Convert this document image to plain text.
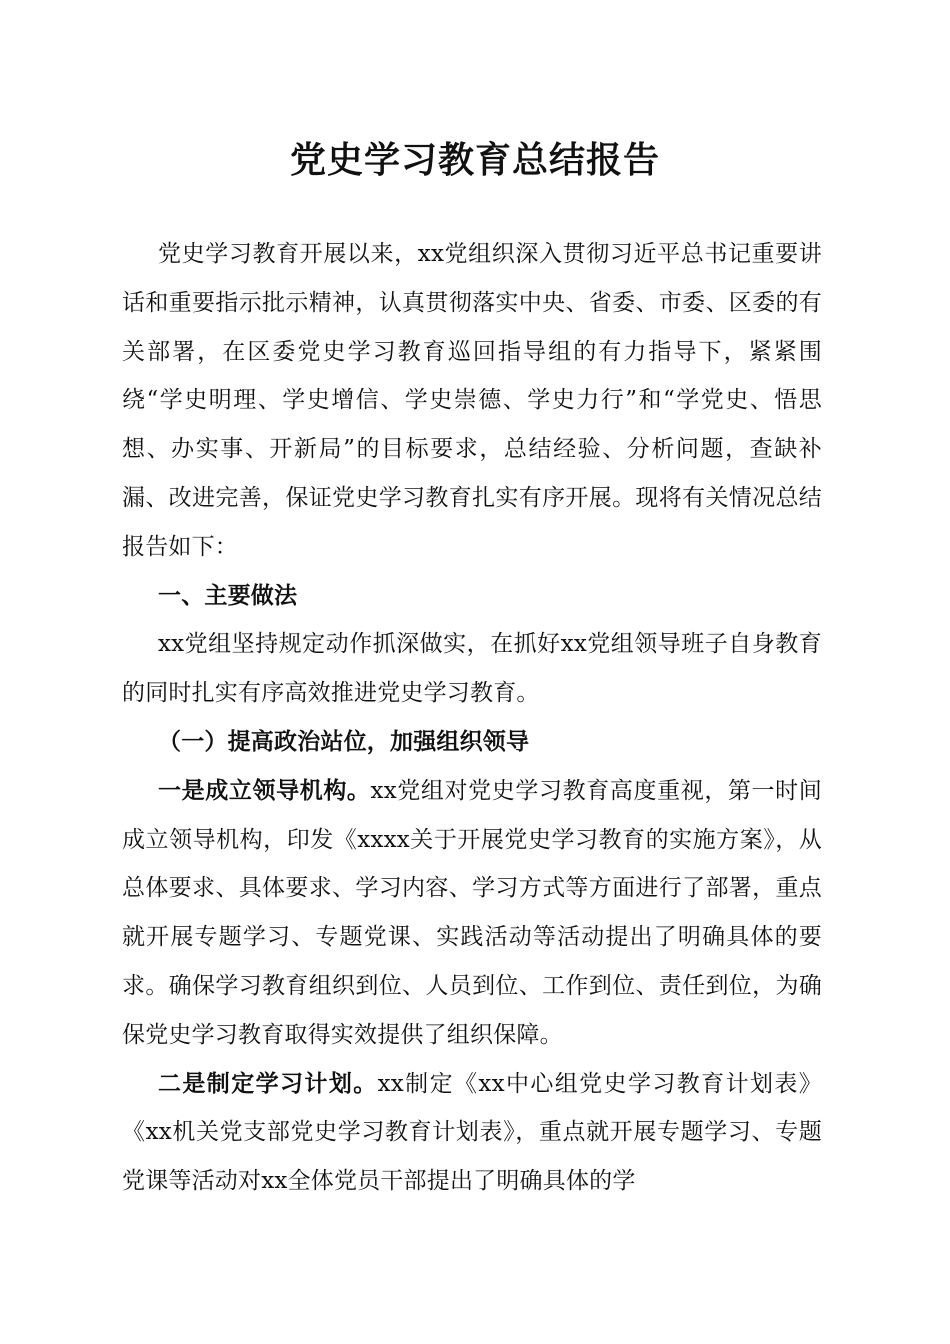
党史学习教育总结报告

党史学习教育开展以来，xx党组织深入贯彻习近平总书记重要讲话和重要指示批示精神，认真贯彻落实中央、省委、市委、区委的有关部署，在区委党史学习教育巡回指导组的有力指导下，紧紧围绕“学史明理、学史增信、学史崇德、学史力行”和“学党史、悟思想、办实事、开新局”的目标要求，总结经验、分析问题，查缺补漏、改进完善，保证党史学习教育扎实有序开展。现将有关情况总结报告如下：

一、主要做法

xx党组坚持规定动作抓深做实，在抓好xx党组领导班子自身教育的同时扎实有序高效推进党史学习教育。

（一）提高政治站位，加强组织领导

一是成立领导机构。xx党组对党史学习教育高度重视，第一时间成立领导机构，印发《xxxx关于开展党史学习教育的实施方案》，从总体要求、具体要求、学习内容、学习方式等方面进行了部署，重点就开展专题学习、专题党课、实践活动等活动提出了明确具体的要求。确保学习教育组织到位、人员到位、工作到位、责任到位，为确保党史学习教育取得实效提供了组织保障。

二是制定学习计划。xx制定《xx中心组党史学习教育计划表》《xx机关党支部党史学习教育计划表》，重点就开展专题学习、专题党课等活动对xx全体党员干部提出了明确具体的学
